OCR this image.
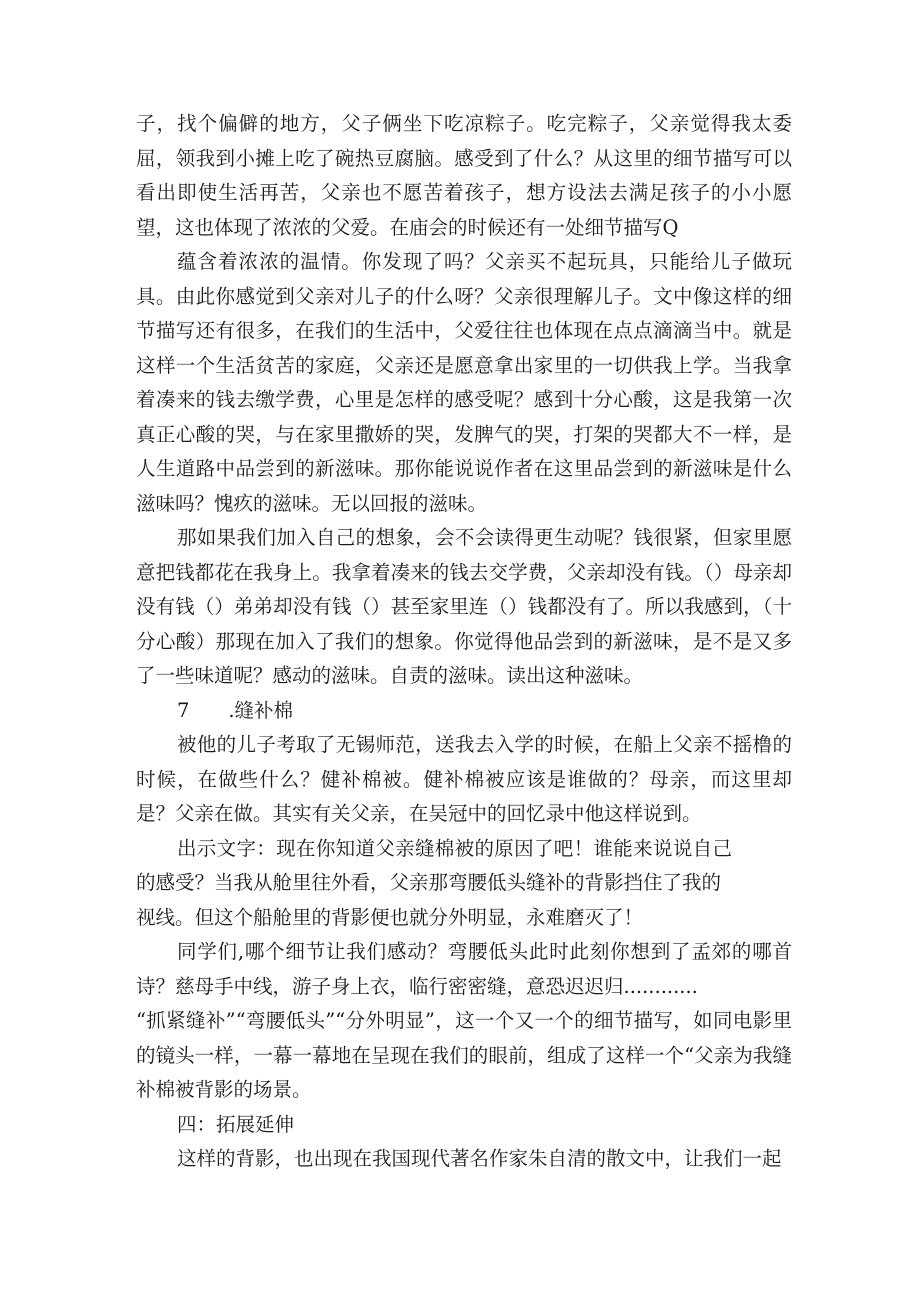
子，找个偏僻的地方，父子俩坐下吃凉粽子。吃完粽子，父亲觉得我太委屈，领我到小摊上吃了碗热豆腐脑。感受到了什么？从这里的细节描写可以看出即使生活再苦，父亲也不愿苦着孩子，想方设法去满足孩子的小小愿望，这也体现了浓浓的父爱。在庙会的时候还有一处细节描写Q

蕴含着浓浓的温情。你发现了吗？父亲买不起玩具，只能给儿子做玩具。由此你感觉到父亲对儿子的什么呀？父亲很理解儿子。文中像这样的细节描写还有很多，在我们的生活中，父爱往往也体现在点点滴滴当中。就是这样一个生活贫苦的家庭，父亲还是愿意拿出家里的一切供我上学。当我拿着凑来的钱去缴学费，心里是怎样的感受呢？感到十分心酸，这是我第一次真正心酸的哭，与在家里撒娇的哭，发脾气的哭，打架的哭都大不一样，是人生道路中品尝到的新滋味。那你能说说作者在这里品尝到的新滋味是什么滋味吗？愧疚的滋味。无以回报的滋味。

那如果我们加入自己的想象，会不会读得更生动呢？钱很紧，但家里愿意把钱都花在我身上。我拿着凑来的钱去交学费，父亲却没有钱。（）母亲却没有钱（）弟弟却没有钱（）甚至家里连（）钱都没有了。所以我感到，（十分心酸）那现在加入了我们的想象。你觉得他品尝到的新滋味，是不是又多了一些味道呢？感动的滋味。自责的滋味。读出这种滋味。

7　　.缝补棉

被他的儿子考取了无锡师范，送我去入学的时候，在船上父亲不摇橹的时候，在做些什么？健补棉被。健补棉被应该是谁做的？母亲，而这里却是？父亲在做。其实有关父亲，在吴冠中的回忆录中他这样说到。

出示文字：现在你知道父亲缝棉被的原因了吧！谁能来说说自己的感受？当我从舱里往外看，父亲那弯腰低头缝补的背影挡住了我的

视线。但这个船舱里的背影便也就分外明显，永难磨灭了！

同学们,哪个细节让我们感动？弯腰低头此时此刻你想到了孟郊的哪首诗？慈母手中线，游子身上衣，临行密密缝，意恐迟迟归............

“抓紧缝补”“弯腰低头”“分外明显”，这一个又一个的细节描写，如同电影里的镜头一样，一幕一幕地在呈现在我们的眼前，组成了这样一个“父亲为我缝补棉被背影的场景。

四：拓展延伸

这样的背影，也出现在我国现代著名作家朱自清的散文中，让我们一起
